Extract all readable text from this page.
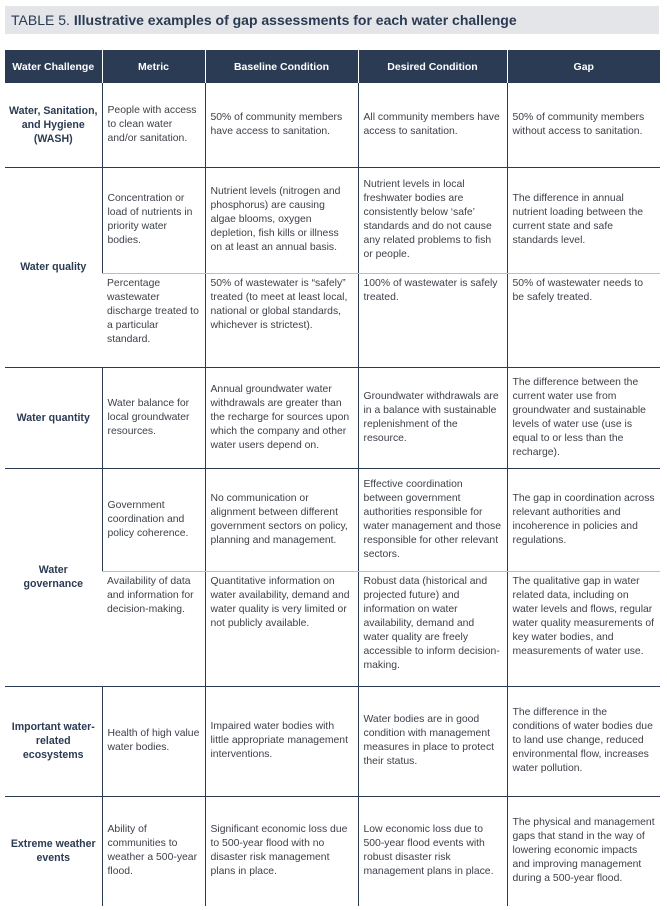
TABLE 5. Illustrative examples of gap assessments for each water challenge
Water Challenge	Metric	Baseline Condition	Desired Condition	Gap
Water, Sanitation, and Hygiene (WASH)	People with access to clean water and/or sanitation.	50% of community members have access to sanitation.	All community members have access to sanitation.	50% of community members without access to sanitation.
Water quality	Concentration or load of nutrients in priority water bodies.	Nutrient levels (nitrogen and phosphorus) are causing algae blooms, oxygen depletion, fish kills or illness on at least an annual basis.	Nutrient levels in local freshwater bodies are consistently below ‘safe’ standards and do not cause any related problems to fish or people.	The difference in annual nutrient loading between the current state and safe standards level.
	Percentage wastewater discharge treated to a particular standard.	50% of wastewater is “safely” treated (to meet at least local, national or global standards, whichever is strictest).	100% of wastewater is safely treated.	50% of wastewater needs to be safely treated.
Water quantity	Water balance for local groundwater resources.	Annual groundwater water withdrawals are greater than the recharge for sources upon which the company and other water users depend on.	Groundwater withdrawals are in a balance with sustainable replenishment of the resource.	The difference between the current water use from groundwater and sustainable levels of water use (use is equal to or less than the recharge).
Water governance	Government coordination and policy coherence.	No communication or alignment between different government sectors on policy, planning and management.	Effective coordination between government authorities responsible for water management and those responsible for other relevant sectors.	The gap in coordination across relevant authorities and incoherence in policies and regulations.
	Availability of data and information for decision-making.	Quantitative information on water availability, demand and water quality is very limited or not publicly available.	Robust data (historical and projected future) and information on water availability, demand and water quality are freely accessible to inform decision-making.	The qualitative gap in water related data, including on water levels and flows, regular water quality measurements of key water bodies, and measurements of water use.
Important water-related ecosystems	Health of high value water bodies.	Impaired water bodies with little appropriate management interventions.	Water bodies are in good condition with management measures in place to protect their status.	The difference in the conditions of water bodies due to land use change, reduced environmental flow, increases water pollution.
Extreme weather events	Ability of communities to weather a 500-year flood.	Significant economic loss due to 500-year flood with no disaster risk management plans in place.	Low economic loss due to 500-year flood events with robust disaster risk management plans in place.	The physical and management gaps that stand in the way of lowering economic impacts and improving management during a 500-year flood.
